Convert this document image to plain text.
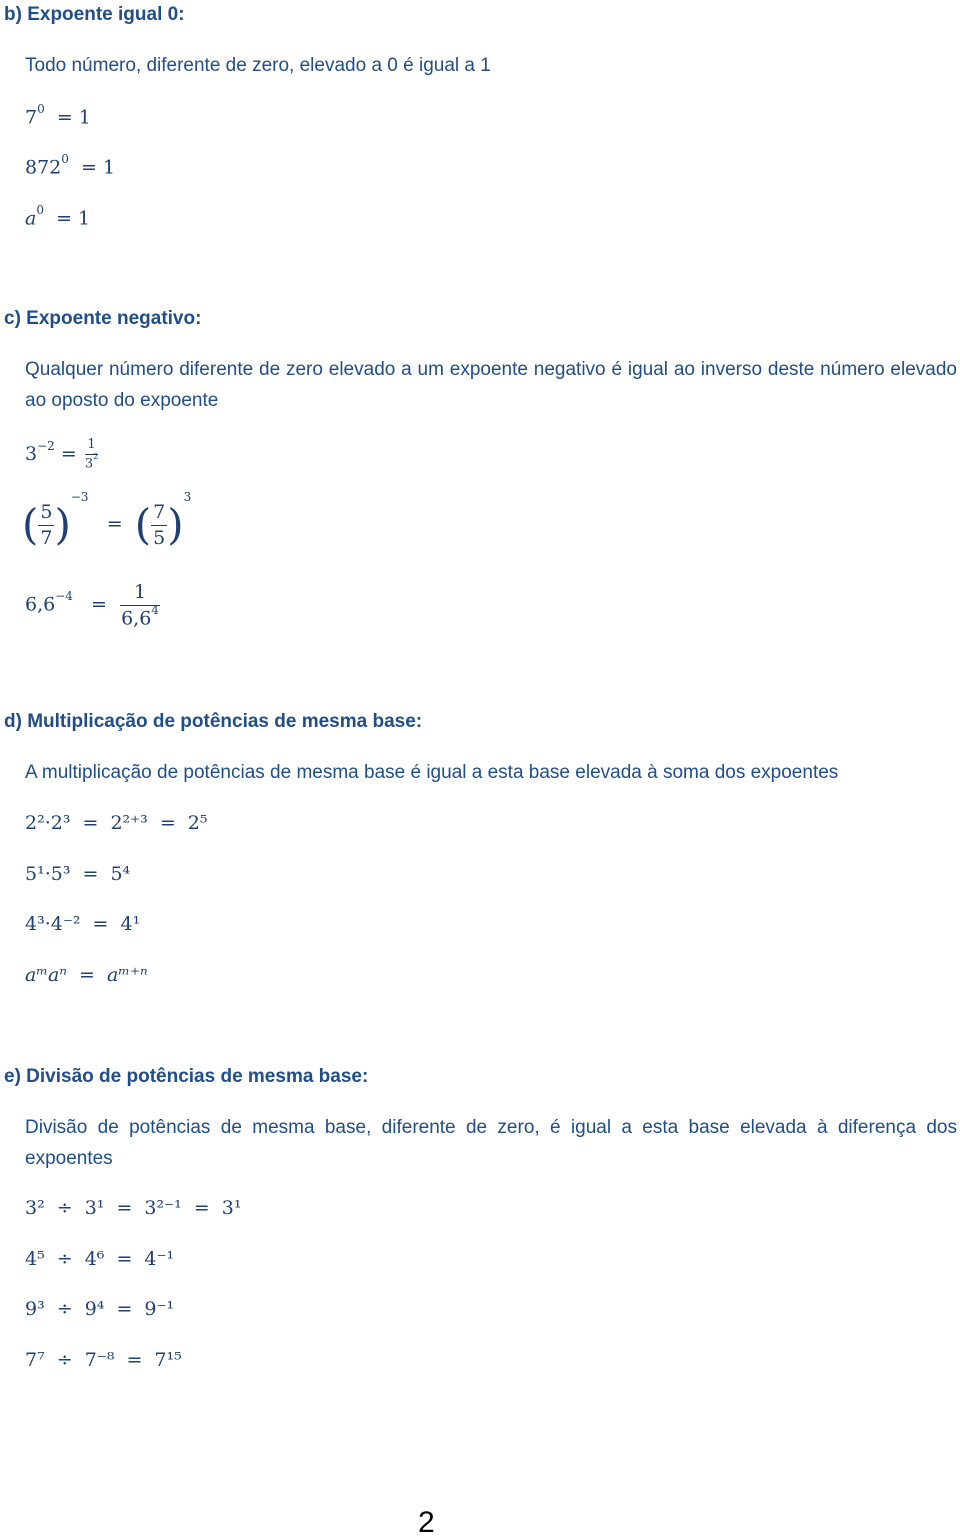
b) Expoente igual 0:
Todo número, diferente de zero, elevado a 0 é igual a 1
$7^0 = 1$
$872^0 = 1$
$a^0 = 1$
c) Expoente negativo:
Qualquer número diferente de zero elevado a um expoente negativo é igual ao inverso deste número elevado ao oposto do expoente
$3^{-2} = \frac{1}{3^2}$
( $\frac{5}{7} )^{-3}$   = ( $\frac{7}{5} )^3$
$6,6^{-4} = \frac{1}{6,6^4}$
d) Multiplicação de potências de mesma base:
A multiplicação de potências de mesma base é igual a esta base elevada à soma dos expoentes
2²·2³ = 2²⁺³ = 2⁵
5¹·5³ = 5⁴
4³·4⁻² = 4¹
aᵐaⁿ = aᵐ⁺ⁿ
e) Divisão de potências de mesma base:
Divisão de potências de mesma base, diferente de zero, é igual a esta base elevada à diferença dos expoentes
3² ÷ 3¹ = 3²⁻¹ = 3¹
4⁵ ÷ 4⁶ = 4⁻¹
9³ ÷ 9⁴ = 9⁻¹
7⁷ ÷ 7⁻⁸ = 7¹⁵
2
